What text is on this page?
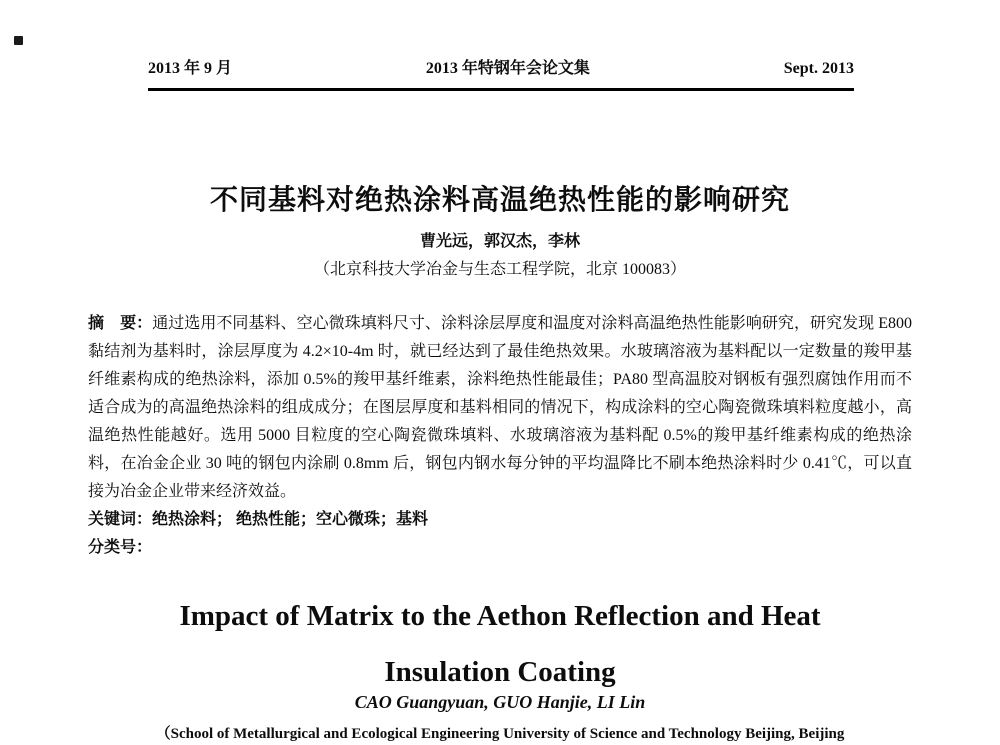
2013 年 9 月	2013 年特钢年会论文集	Sept. 2013
不同基料对绝热涂料高温绝热性能的影响研究
曹光远，郭汉杰，李林
（北京科技大学冶金与生态工程学院，北京 100083）

摘　要：通过选用不同基料、空心微珠填料尺寸、涂料涂层厚度和温度对涂料高温绝热性能影响研究，研究发现 E800 黏结剂为基料时，涂层厚度为 4.2×10-4m 时，就已经达到了最佳绝热效果。水玻璃溶液为基料配以一定数量的羧甲基纤维素构成的绝热涂料，添加 0.5%的羧甲基纤维素，涂料绝热性能最佳；PA80 型高温胶对钢板有强烈腐蚀作用而不适合成为的高温绝热涂料的组成成分；在图层厚度和基料相同的情况下，构成涂料的空心陶瓷微珠填料粒度越小，高温绝热性能越好。选用 5000 目粒度的空心陶瓷微珠填料、水玻璃溶液为基料配 0.5%的羧甲基纤维素构成的绝热涂料，在冶金企业 30 吨的钢包内涂刷 0.8mm 后，钢包内钢水每分钟的平均温降比不刷本绝热涂料时少 0.41℃，可以直接为冶金企业带来经济效益。

关键词：绝热涂料； 绝热性能；空心微珠；基料

分类号：

Impact of Matrix to the Aethon Reflection and Heat
Insulation Coating
CAO Guangyuan, GUO Hanjie, LI Lin
（School of Metallurgical and Ecological Engineering University of Science and Technology Beijing, Beijing
